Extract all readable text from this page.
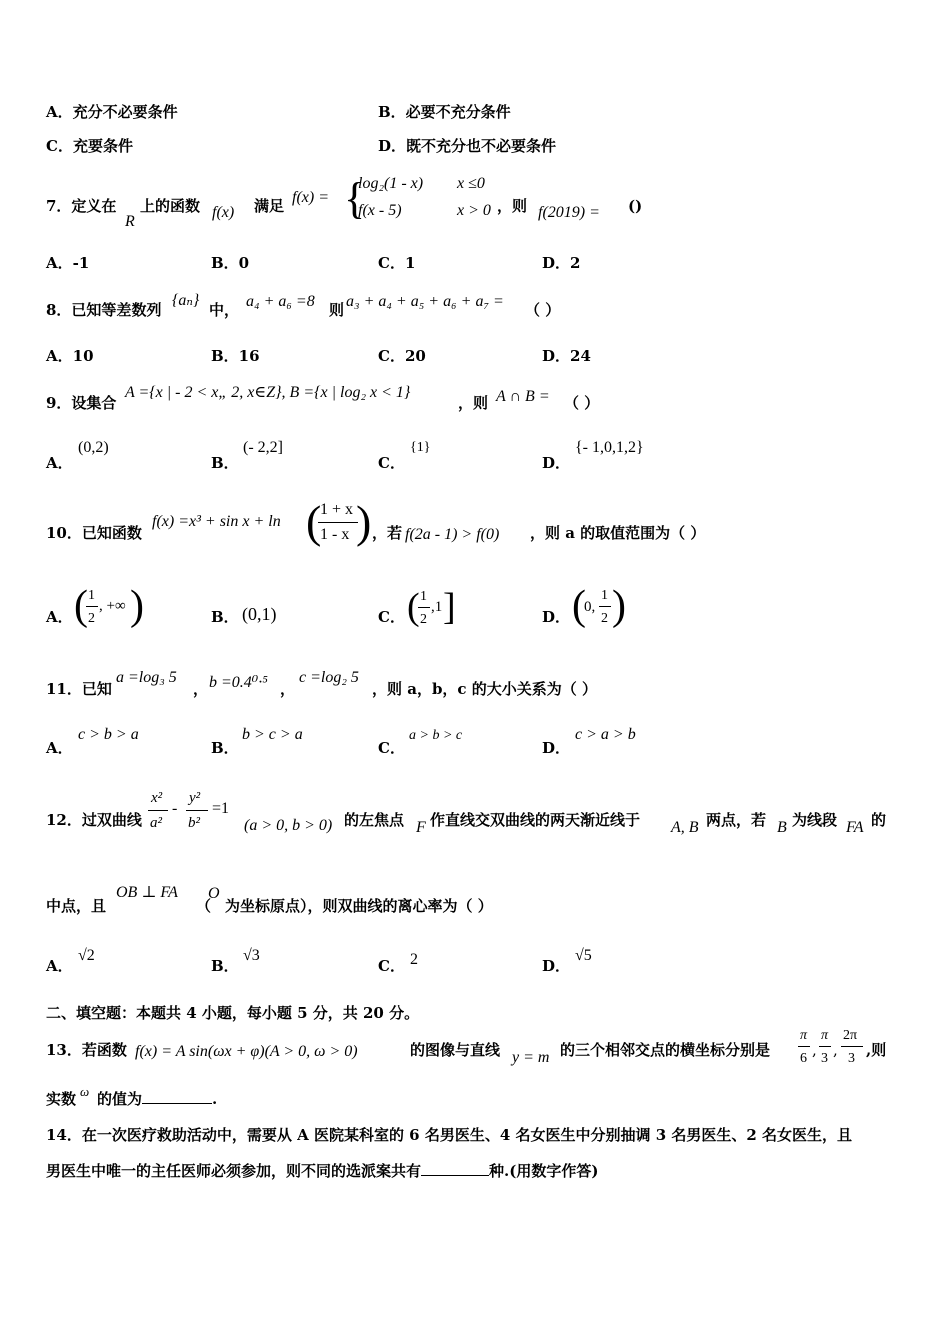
A．充分不必要条件	B．必要不充分条件
C．充要条件	D．既不充分也不必要条件
7．定义在
R
上的函数 f(x) 满足 f(x) = {
log₂(1 - x) x ≤0
f(x - 5)	x > 0 ，则 f(2019) = ()
A．-1	B．0	C．1	D．2
8．已知等差数列
{aₙ}
中， a₄ + a₆ =8 则 a₃ + a₄ + a₅ + a₆ + a₇ = （ ）
A．10	B．16	C．20	D．24
9．设集合
A ={x | - 2 < x„ 2, x∈Z}, B ={x | log₂ x < 1}
，则 A ∩ B = （ ）
A．
(0,2)
B．
(- 2,2]
C．
{1}
D．
{- 1,0,1,2}
10．已知函数
f(x) =x³ + sin x + ln (
1 + x
1 - x ) ，若 f(2a - 1) > f(0) ，则 a 的取值范围为（ ）
A． ( 1
2
, +∞ )	B． (0,1)	C． ( 1
2
,1 ]	D． (
0,
1
2 )
11．已知
a =log₃ 5
， b =0.4⁰·⁵ ，
c =log₂ 5
，则 a，b，c 的大小关系为（ ）
A．
c > b > a
B．
b > c > a
C．
a > b > c
D．
c > a > b
12．过双曲线
x²
a²
-
y²
b²
=1
(a > 0, b > 0) 的左焦点 F 作直线交双曲线的两天渐近线于 A, B 两点，若 B 为线段 FA 的
中点，且
OB ⊥ FA
（
O
为坐标原点），则双曲线的离心率为（ ）
A．
√2
B．
√3
C． 2	D．
√5
二、填空题：本题共 4 小题，每小题 5 分，共 20 分。
13．若函数 f(x) = A sin(ωx + φ)(A > 0, ω > 0)	的图像与直线 y = m 的三个相邻交点的横坐标分别是
π
6 ,
π
3 ,
2π
3 ,则
实数 ω 的值为	.
14．在一次医疗救助活动中，需要从 A 医院某科室的 6 名男医生、4 名女医生中分别抽调 3 名男医生、2 名女医生，且
男医生中唯一的主任医师必须参加，则不同的选派案共有	种.(用数字作答)
